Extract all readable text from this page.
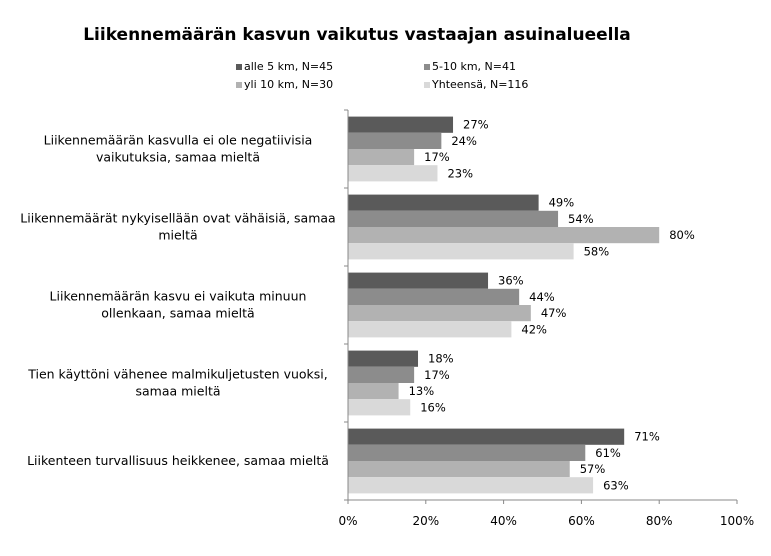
Liikennemäärän kasvun vaikutus vastaajan asuinalueella
alle 5 km, N=45	5-10 km, N=41
yli 10 km, N=30	Yhteensä, N=116
27%
24%
17%
23%
49%
54%
80%
58%
36%
44%
47%
42%
18%
17%
13%
16%
71%
61%
57%
63%
Liikennemäärän kasvulla ei ole negatiivisia vaikutuksia, samaa mieltä
Liikennemäärät nykyisellään ovat vähäisiä, samaa mieltä
Liikennemäärän kasvu ei vaikuta minuun ollenkaan, samaa mieltä
Tien käyttöni vähenee malmikuljetusten vuoksi, samaa mieltä
Liikenteen turvallisuus heikkenee, samaa mieltä
0%	20%	40%	60%	80%	100%
